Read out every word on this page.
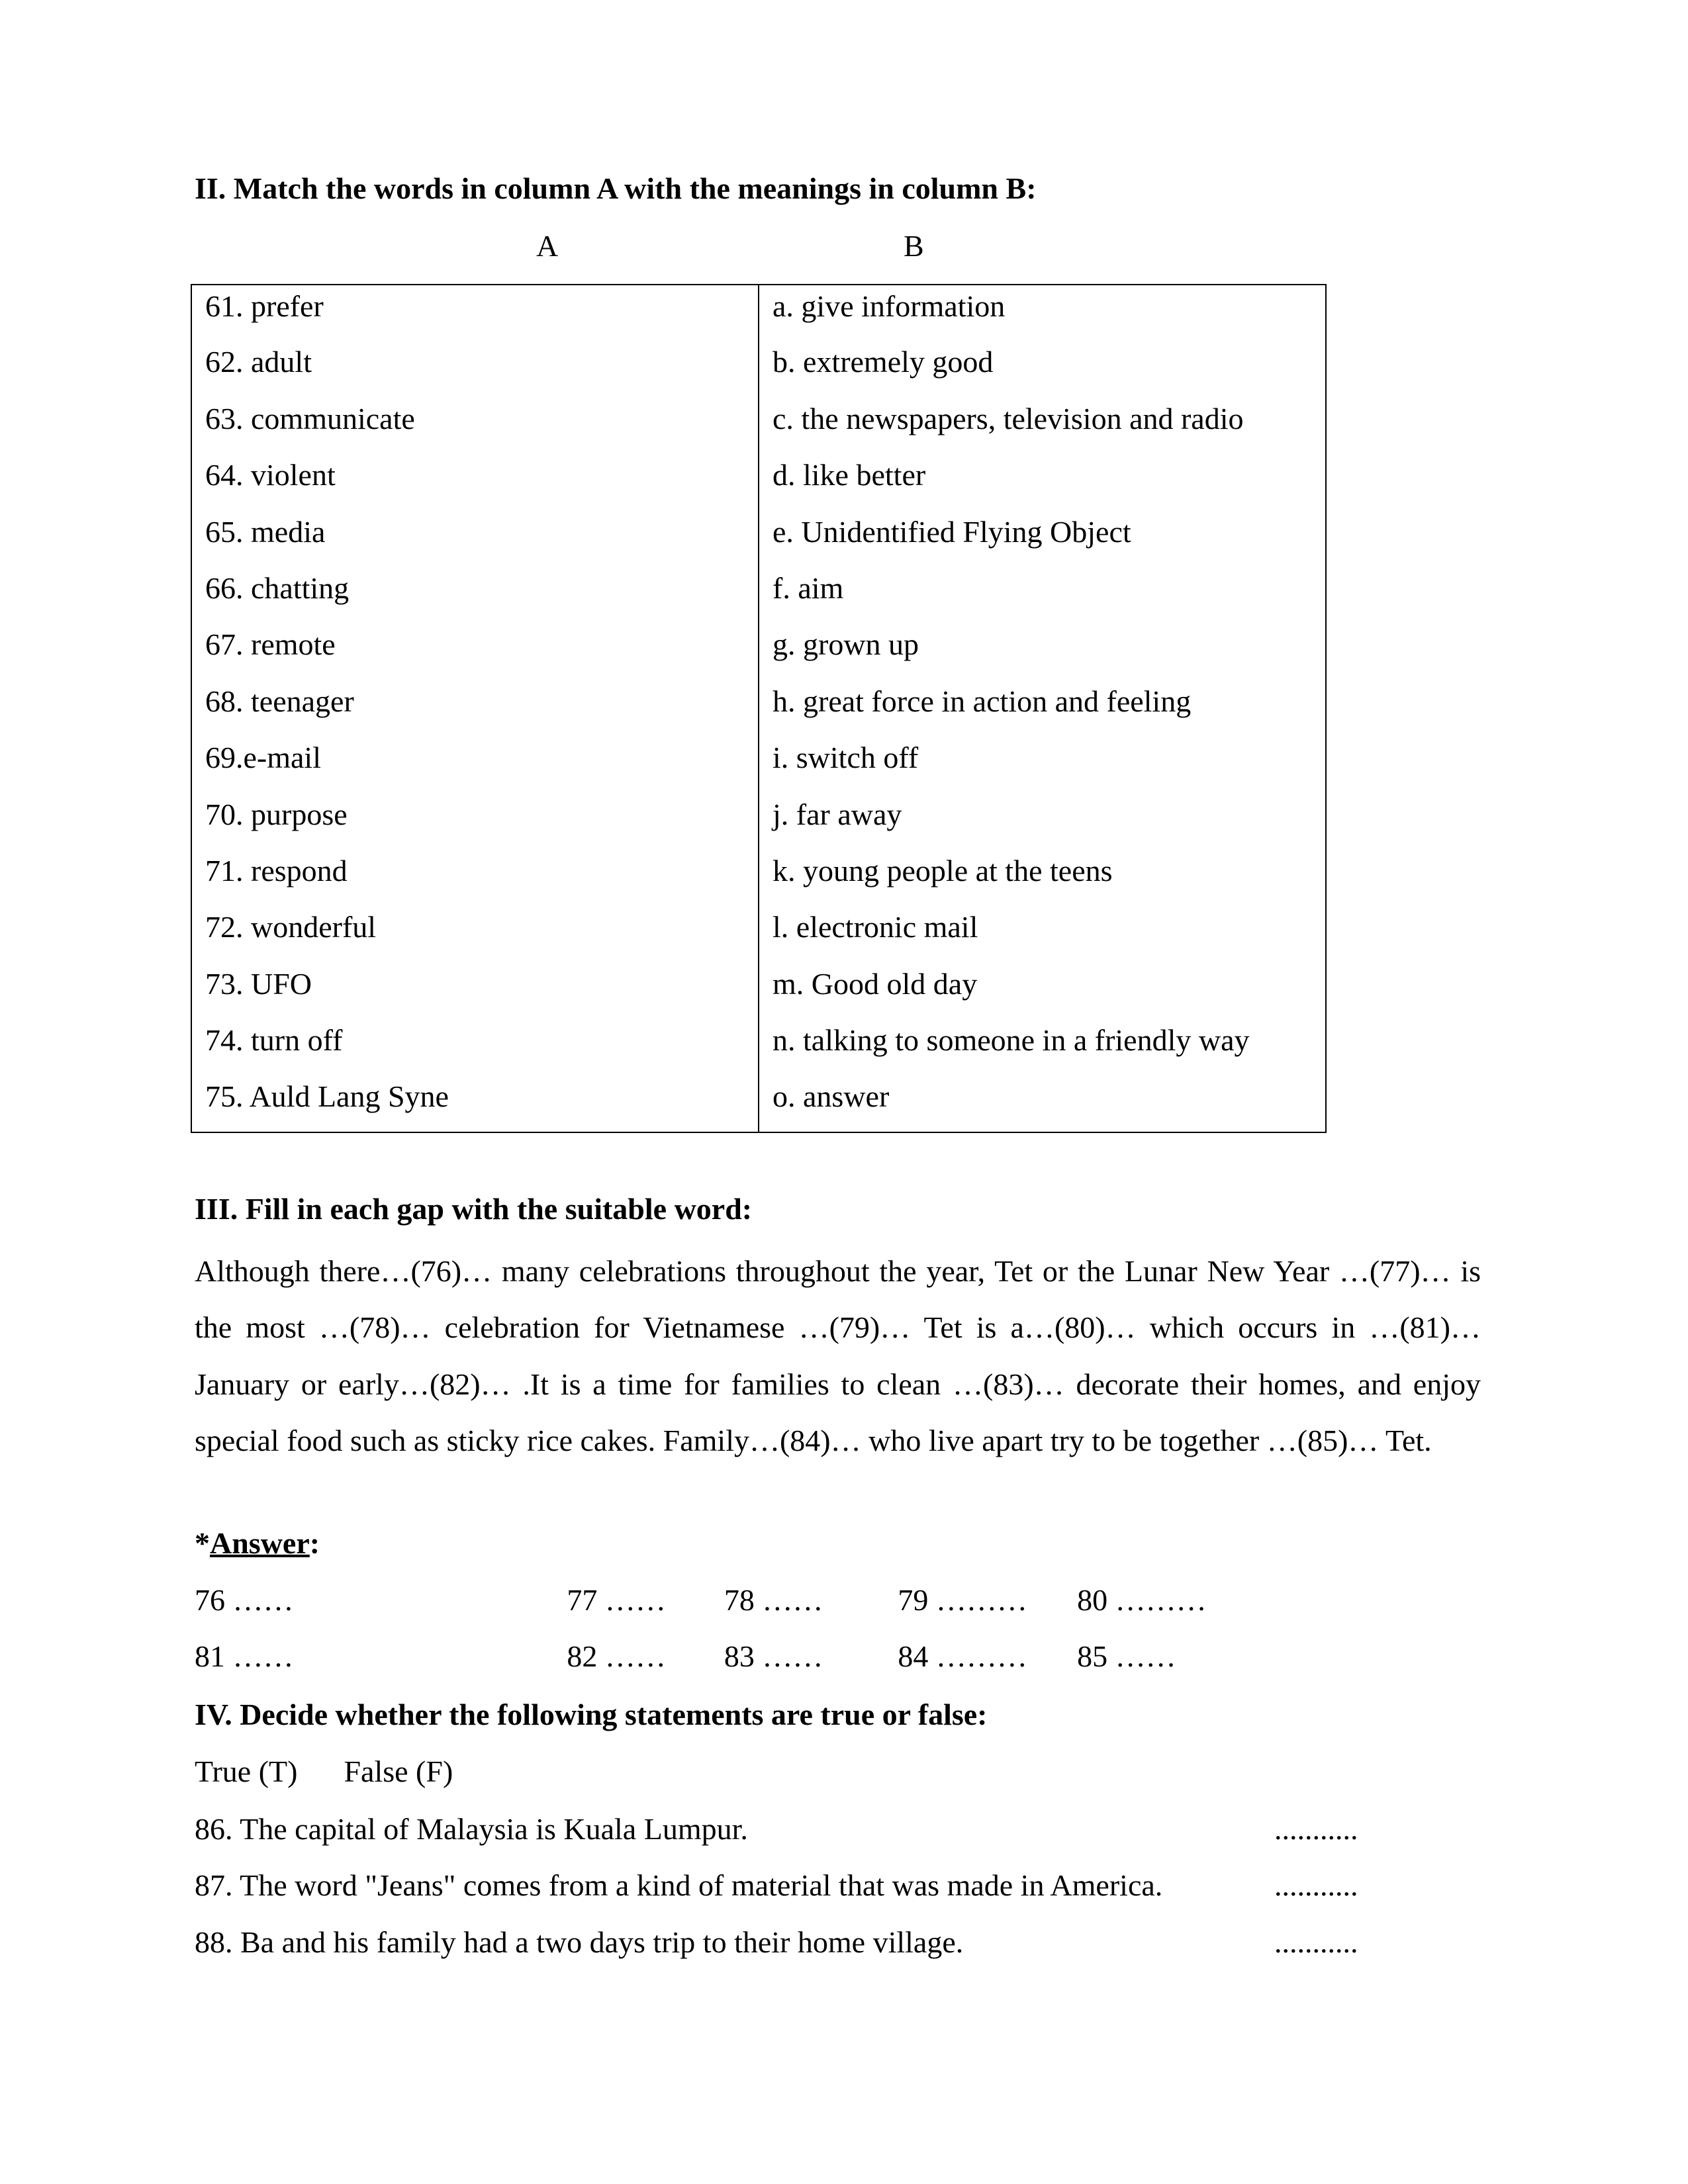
II. Match the words in column A with the meanings in column B:
A	B
61. prefer	a. give information
62. adult	b. extremely good
63. communicate	c. the newspapers, television and radio
64. violent	d. like better
65. media	e. Unidentified Flying Object
66. chatting	f. aim
67. remote	g. grown up
68. teenager	h. great force in action and feeling
69.e-mail	i. switch off
70. purpose	j. far away
71. respond	k. young people at the teens
72. wonderful	l. electronic mail
73. UFO	m. Good old day
74. turn off	n. talking to someone in a friendly way
75. Auld Lang Syne	o. answer
III. Fill in each gap with the suitable word:
Although there…(76)… many celebrations throughout the year, Tet or the Lunar New Year …(77)… is the most …(78)… celebration for Vietnamese …(79)… Tet is a…(80)… which occurs in …(81)… January or early…(82)… .It is a time for families to clean …(83)… decorate their homes, and enjoy special food such as sticky rice cakes. Family…(84)… who live apart try to be together …(85)… Tet.
*Answer:
76 ……	77 …… 78 …… 79 ……… 80 ………
81 ……	82 …… 83 …… 84 ……… 85 ……
IV. Decide whether the following statements are true or false:
True (T) False (F)
86. The capital of Malaysia is Kuala Lumpur.	...........
87. The word "Jeans" comes from a kind of material that was made in America.	...........
88. Ba and his family had a two days trip to their home village.	...........
